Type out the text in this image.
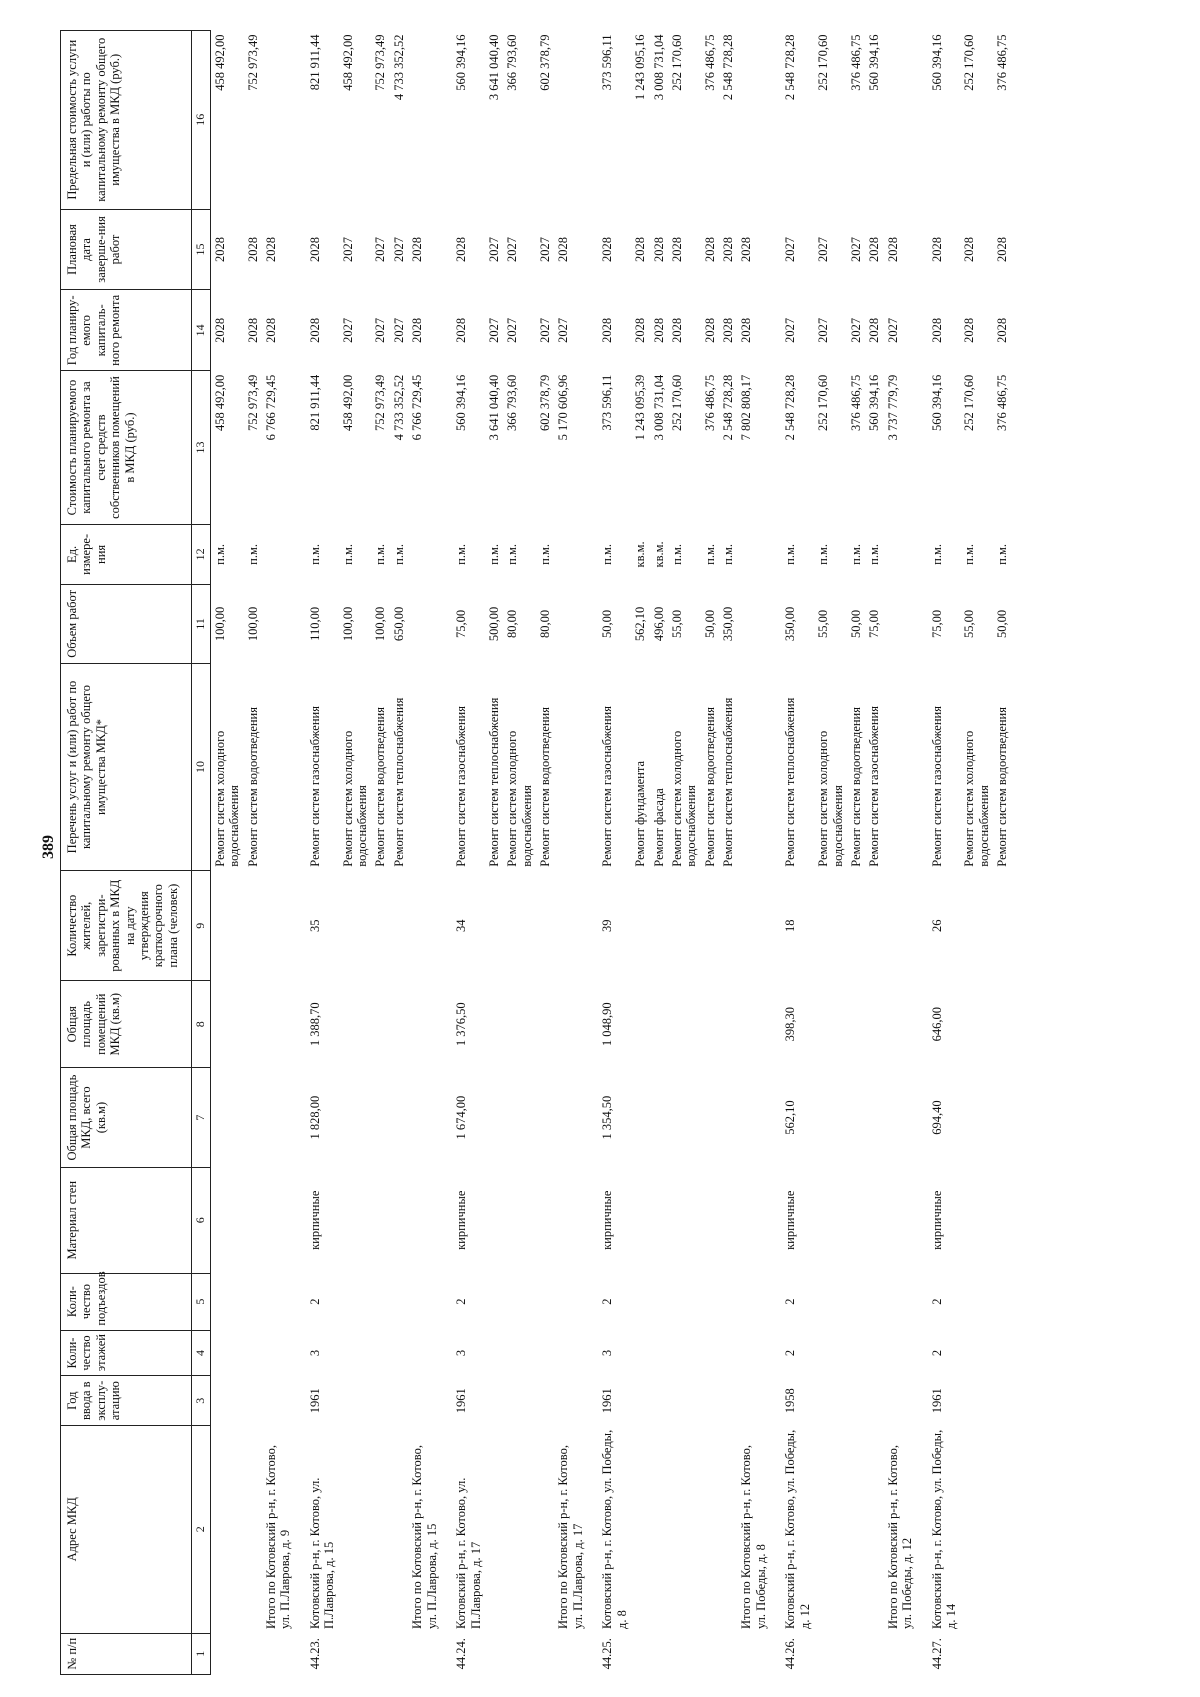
389
№ п/п	Адрес МКД	Год ввода в эксплу-атацию	Коли-чество этажей	Коли-чество подъездов	Материал стен	Общая площадь МКД, всего (кв.м)	Общая площадь помещений МКД (кв.м)	Количество жителей, зарегистри-рованных в МКД на дату утверждения краткосрочного плана (человек)	Перечень услуг и (или) работ по капитальному ремонту общего имущества МКД*	Объем работ	Ед. измере-ния	Стоимость планируемого капитального ремонта за счет средств собственников помещений в МКД (руб.)	Год планиру-емого капиталь-ного ремонта	Плановая дата заверше-ния работ	Предельная стоимость услуги и (или) работы по капитальному ремонту общего имущества в МКД (руб.)
1	2	3	4	5	6	7	8	9	10	11	12	13	14	15	16
									Ремонт систем холодного водоснабжения	100,00	п.м.	458 492,00	2028	2028	458 492,00
									Ремонт систем водоотведения	100,00	п.м.	752 973,49	2028	2028	752 973,49
	Итого по Котовский р-н, г. Котово, ул. П.Лаврова, д. 9											6 766 729,45	2028	2028	
44.23.	Котовский р-н, г. Котово, ул. П.Лаврова, д. 15	1961	3	2	кирпичные	1 828,00	1 388,70	35	Ремонт систем газоснабжения	110,00	п.м.	821 911,44	2028	2028	821 911,44
									Ремонт систем холодного водоснабжения	100,00	п.м.	458 492,00	2027	2027	458 492,00
									Ремонт систем водоотведения	100,00	п.м.	752 973,49	2027	2027	752 973,49
									Ремонт систем теплоснабжения	650,00	п.м.	4 733 352,52	2027	2027	4 733 352,52
	Итого по Котовский р-н, г. Котово, ул. П.Лаврова, д. 15											6 766 729,45	2028	2028	
44.24.	Котовский р-н, г. Котово, ул. П.Лаврова, д. 17	1961	3	2	кирпичные	1 674,00	1 376,50	34	Ремонт систем газоснабжения	75,00	п.м.	560 394,16	2028	2028	560 394,16
									Ремонт систем теплоснабжения	500,00	п.м.	3 641 040,40	2027	2027	3 641 040,40
									Ремонт систем холодного водоснабжения	80,00	п.м.	366 793,60	2027	2027	366 793,60
									Ремонт систем водоотведения	80,00	п.м.	602 378,79	2027	2027	602 378,79
	Итого по Котовский р-н, г. Котово, ул. П.Лаврова, д. 17											5 170 606,96	2027	2028	
44.25.	Котовский р-н, г. Котово, ул. Победы, д. 8	1961	3	2	кирпичные	1 354,50	1 048,90	39	Ремонт систем газоснабжения	50,00	п.м.	373 596,11	2028	2028	373 596,11
									Ремонт фундамента	562,10	кв.м.	1 243 095,39	2028	2028	1 243 095,16
									Ремонт фасада	496,00	кв.м.	3 008 731,04	2028	2028	3 008 731,04
									Ремонт систем холодного водоснабжения	55,00	п.м.	252 170,60	2028	2028	252 170,60
									Ремонт систем водоотведения	50,00	п.м.	376 486,75	2028	2028	376 486,75
									Ремонт систем теплоснабжения	350,00	п.м.	2 548 728,28	2028	2028	2 548 728,28
	Итого по Котовский р-н, г. Котово, ул. Победы, д. 8											7 802 808,17	2028	2028	
44.26.	Котовский р-н, г. Котово, ул. Победы, д. 12	1958	2	2	кирпичные	562,10	398,30	18	Ремонт систем теплоснабжения	350,00	п.м.	2 548 728,28	2027	2027	2 548 728,28
									Ремонт систем холодного водоснабжения	55,00	п.м.	252 170,60	2027	2027	252 170,60
									Ремонт систем водоотведения	50,00	п.м.	376 486,75	2027	2027	376 486,75
									Ремонт систем газоснабжения	75,00	п.м.	560 394,16	2028	2028	560 394,16
	Итого по Котовский р-н, г. Котово, ул. Победы, д. 12											3 737 779,79	2027	2028	
44.27.	Котовский р-н, г. Котово, ул. Победы, д. 14	1961	2	2	кирпичные	694,40	646,00	26	Ремонт систем газоснабжения	75,00	п.м.	560 394,16	2028	2028	560 394,16
									Ремонт систем холодного водоснабжения	55,00	п.м.	252 170,60	2028	2028	252 170,60
									Ремонт систем водоотведения	50,00	п.м.	376 486,75	2028	2028	376 486,75
